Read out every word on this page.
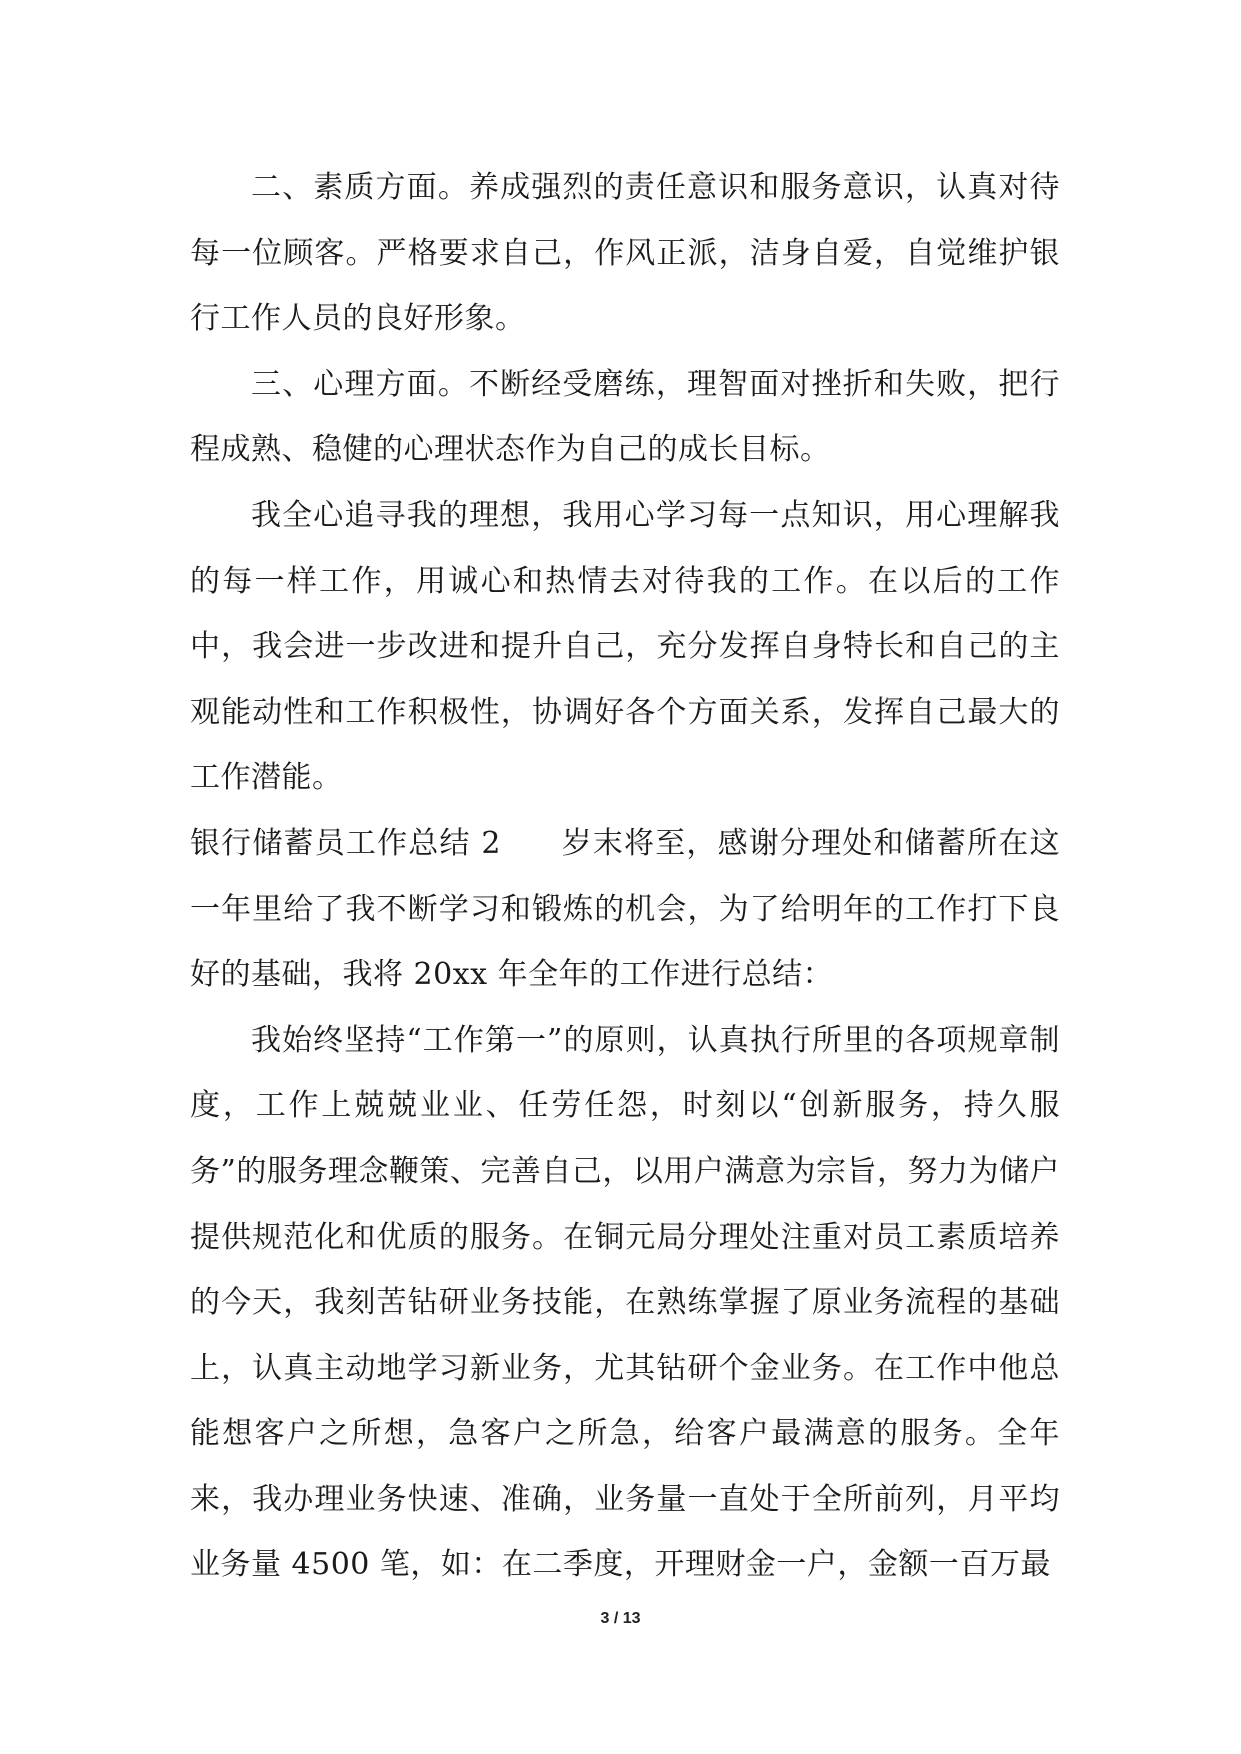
二、素质方面。养成强烈的责任意识和服务意识，认真对待每一位顾客。严格要求自己，作风正派，洁身自爱，自觉维护银行工作人员的良好形象。

三、心理方面。不断经受磨练，理智面对挫折和失败，把行程成熟、稳健的心理状态作为自己的成长目标。

我全心追寻我的理想，我用心学习每一点知识，用心理解我的每一样工作，用诚心和热情去对待我的工作。在以后的工作中，我会进一步改进和提升自己，充分发挥自身特长和自己的主观能动性和工作积极性，协调好各个方面关系，发挥自己最大的工作潜能。

银行储蓄员工作总结 2 岁末将至，感谢分理处和储蓄所在这一年里给了我不断学习和锻炼的机会，为了给明年的工作打下良好的基础，我将 20xx 年全年的工作进行总结：

我始终坚持“工作第一”的原则，认真执行所里的各项规章制度，工作上兢兢业业、任劳任怨，时刻以“创新服务，持久服务”的服务理念鞭策、完善自己，以用户满意为宗旨，努力为储户提供规范化和优质的服务。在铜元局分理处注重对员工素质培养的今天，我刻苦钻研业务技能，在熟练掌握了原业务流程的基础上，认真主动地学习新业务，尤其钻研个金业务。在工作中他总能想客户之所想，急客户之所急，给客户最满意的服务。全年来，我办理业务快速、准确，业务量一直处于全所前列，月平均业务量 4500 笔，如：在二季度，开理财金一户，金额一百万最

3 / 13
